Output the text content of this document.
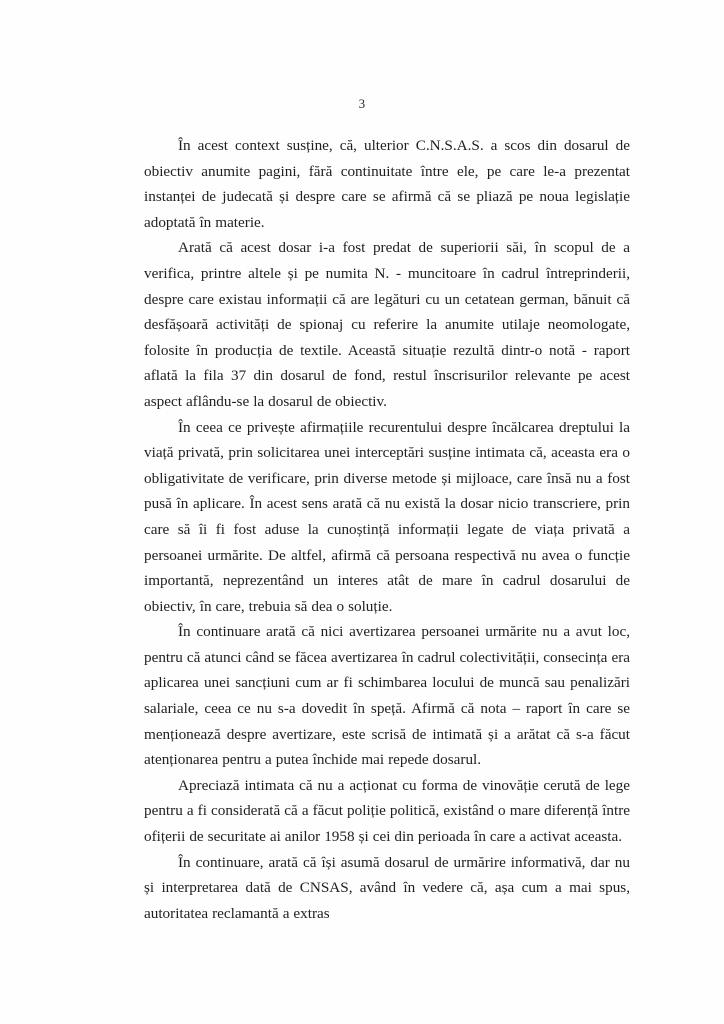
3

În acest context susține, că, ulterior C.N.S.A.S. a scos din dosarul de obiectiv anumite pagini, fără continuitate între ele, pe care le-a prezentat instanței de judecată și despre care se afirmă că se pliază pe noua legislație adoptată în materie.

Arată că acest dosar i-a fost predat de superiorii săi, în scopul de a verifica, printre altele și pe numita N. - muncitoare în cadrul întreprinderii, despre care existau informații că are legături cu un cetatean german, bănuit că desfășoară activități de spionaj cu referire la anumite utilaje neomologate, folosite în producția de textile. Această situație rezultă dintr-o notă - raport aflată la fila 37 din dosarul de fond, restul înscrisurilor relevante pe acest aspect aflându-se la dosarul de obiectiv.

În ceea ce privește afirmațiile recurentului despre încălcarea dreptului la viață privată, prin solicitarea unei interceptări susține intimata că, aceasta era o obligativitate de verificare, prin diverse metode și mijloace, care însă nu a fost pusă în aplicare. În acest sens arată că nu există la dosar nicio transcriere, prin care să îi fi fost aduse la cunoștință informații legate de viața privată a persoanei urmărite. De altfel, afirmă că persoana respectivă nu avea o funcție importantă, neprezentând un interes atât de mare în cadrul dosarului de obiectiv, în care, trebuia să dea o soluție.

În continuare arată că nici avertizarea persoanei urmărite nu a avut loc, pentru că atunci când se făcea avertizarea în cadrul colectivității, consecința era aplicarea unei sancțiuni cum ar fi schimbarea locului de muncă sau penalizări salariale, ceea ce nu s-a dovedit în speță. Afirmă că nota – raport în care se menționează despre avertizare, este scrisă de intimată și a arătat că s-a făcut atenționarea pentru a putea închide mai repede dosarul.

Apreciază intimata că nu a acționat cu forma de vinovăție cerută de lege pentru a fi considerată că a făcut poliție politică, existând o mare diferență între ofițerii de securitate ai anilor 1958 și cei din perioada în care a activat aceasta.

În continuare, arată că își asumă dosarul de urmărire informativă, dar nu și interpretarea dată de CNSAS, având în vedere că, așa cum a mai spus, autoritatea reclamantă a extras
